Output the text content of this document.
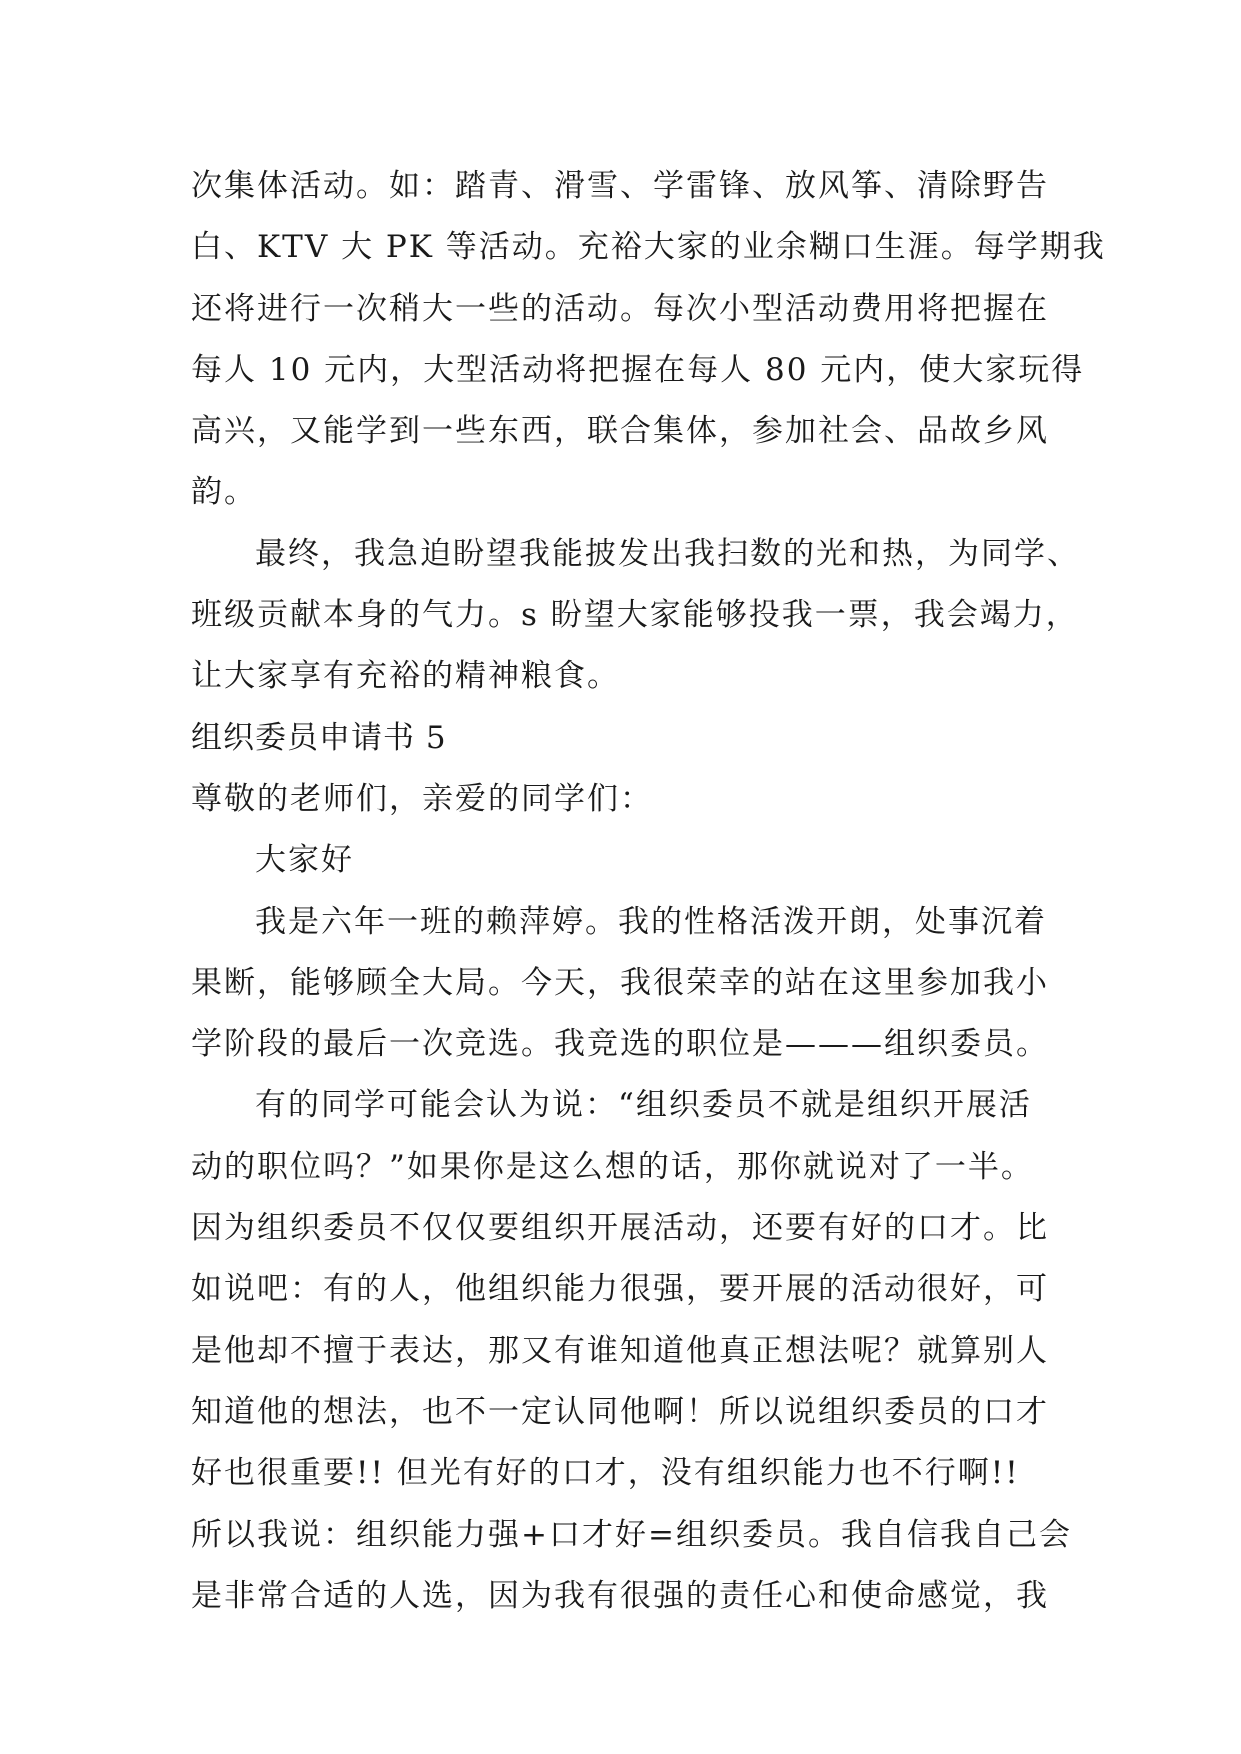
次集体活动。如：踏青、滑雪、学雷锋、放风筝、清除野告
白、KTV 大 PK 等活动。充裕大家的业余糊口生涯。每学期我
还将进行一次稍大一些的活动。每次小型活动费用将把握在
每人 10 元内，大型活动将把握在每人 80 元内，使大家玩得
高兴，又能学到一些东西，联合集体，参加社会、品故乡风
韵。
最终，我急迫盼望我能披发出我扫数的光和热，为同学、
班级贡献本身的气力。s 盼望大家能够投我一票，我会竭力，
让大家享有充裕的精神粮食。
组织委员申请书 5
尊敬的老师们，亲爱的同学们：
大家好
我是六年一班的赖萍婷。我的性格活泼开朗，处事沉着
果断，能够顾全大局。今天，我很荣幸的站在这里参加我小
学阶段的最后一次竞选。我竞选的职位是———组织委员。
有的同学可能会认为说：“组织委员不就是组织开展活
动的职位吗？”如果你是这么想的话，那你就说对了一半。
因为组织委员不仅仅要组织开展活动，还要有好的口才。比
如说吧：有的人，他组织能力很强，要开展的活动很好，可
是他却不擅于表达，那又有谁知道他真正想法呢？就算别人
知道他的想法，也不一定认同他啊！所以说组织委员的口才
好也很重要!! 但光有好的口才，没有组织能力也不行啊!!
所以我说：组织能力强+口才好=组织委员。我自信我自己会
是非常合适的人选，因为我有很强的责任心和使命感觉，我
